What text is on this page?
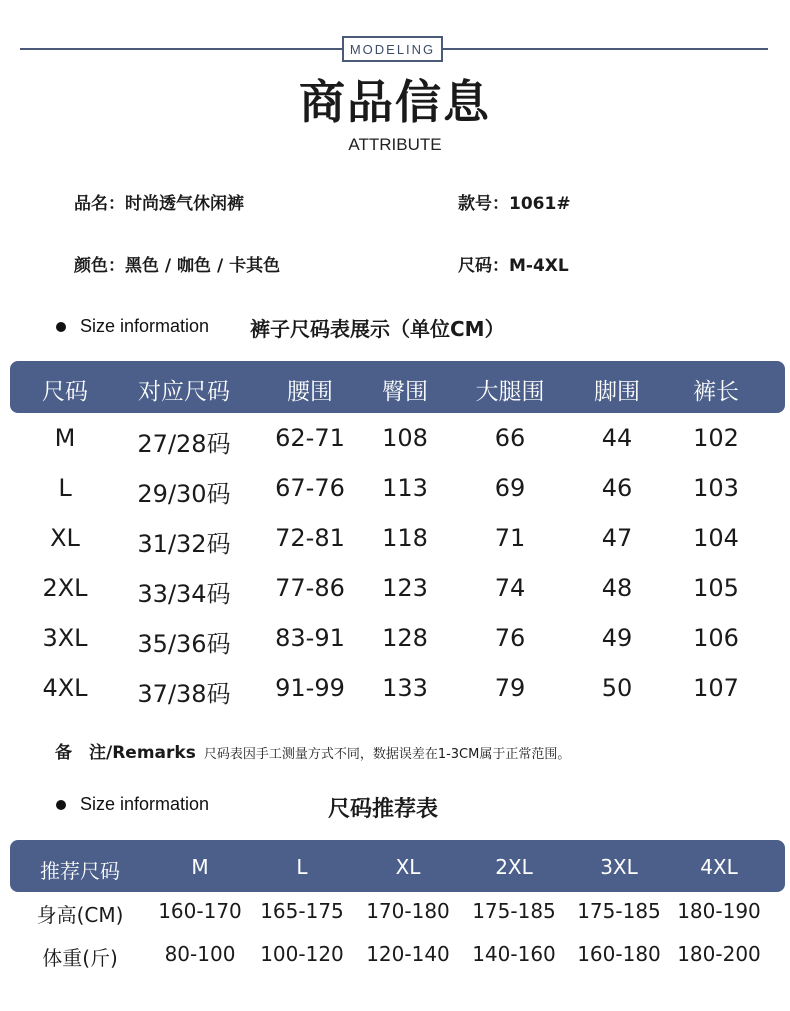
MODELING
商品信息
ATTRIBUTE
品名：时尚透气休闲裤	款号：1061#
颜色：黑色 / 咖色 / 卡其色	尺码：M-4XL
Size information 裤子尺码表展示（单位CM）
尺码 对应尺码 腰围 臀围 大腿围 脚围 裤长
M	27/28码 62-71 108	66	44	102
L	29/30码 67-76 113	69	46	103
XL 31/32码 72-81 118	71	47	104
2XL 33/34码 77-86 123	74	48	105
3XL 35/36码 83-91 128	76	49	106
4XL 37/38码 91-99 133	79	50	107
备　注/Remarks 尺码表因手工测量方式不同，数据误差在1-3CM属于正常范围。
Size information	尺码推荐表
推荐尺码	M	L	XL	2XL	3XL	4XL
身高(CM) 160-170 165-175 170-180 175-185 175-185 180-190
体重(斤) 80-100 100-120 120-140 140-160 160-180 180-200
